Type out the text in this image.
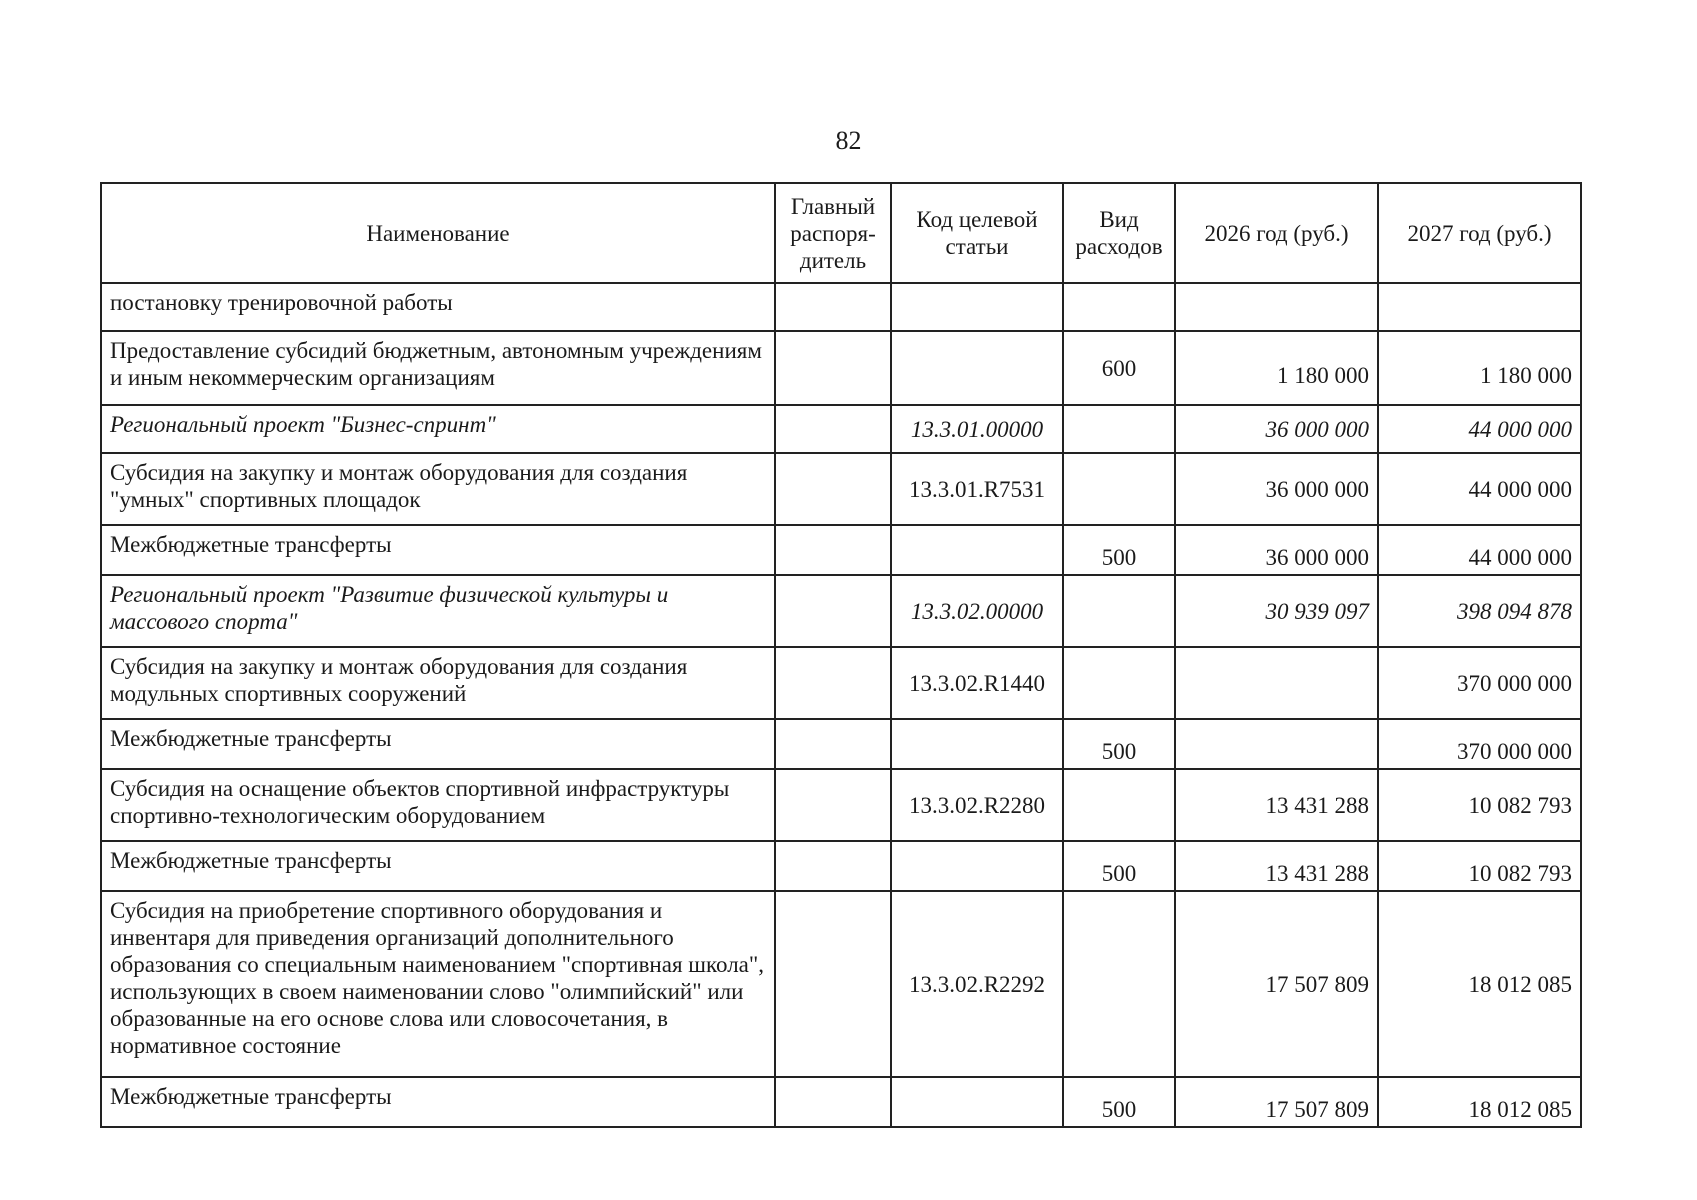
82
Наименование	Главный распоря-дитель	Код целевой статьи	Вид расходов	2026 год (руб.)	2027 год (руб.)
постановку тренировочной работы					
Предоставление субсидий бюджетным, автономным учреждениям и иным некоммерческим организациям			600	1 180 000	1 180 000
Региональный проект "Бизнес-спринт"		13.3.01.00000		36 000 000	44 000 000
Субсидия на закупку и монтаж оборудования для создания "умных" спортивных площадок		13.3.01.R7531		36 000 000	44 000 000
Межбюджетные трансферты			500	36 000 000	44 000 000
Региональный проект "Развитие физической культуры и массового спорта"		13.3.02.00000		30 939 097	398 094 878
Субсидия на закупку и монтаж оборудования для создания модульных спортивных сооружений		13.3.02.R1440			370 000 000
Межбюджетные трансферты			500		370 000 000
Субсидия на оснащение объектов спортивной инфраструктуры спортивно-технологическим оборудованием		13.3.02.R2280		13 431 288	10 082 793
Межбюджетные трансферты			500	13 431 288	10 082 793
Субсидия на приобретение спортивного оборудования и инвентаря для приведения организаций дополнительного образования со специальным наименованием "спортивная школа", использующих в своем наименовании слово "олимпийский" или образованные на его основе слова или словосочетания, в нормативное состояние		13.3.02.R2292		17 507 809	18 012 085
Межбюджетные трансферты			500	17 507 809	18 012 085
